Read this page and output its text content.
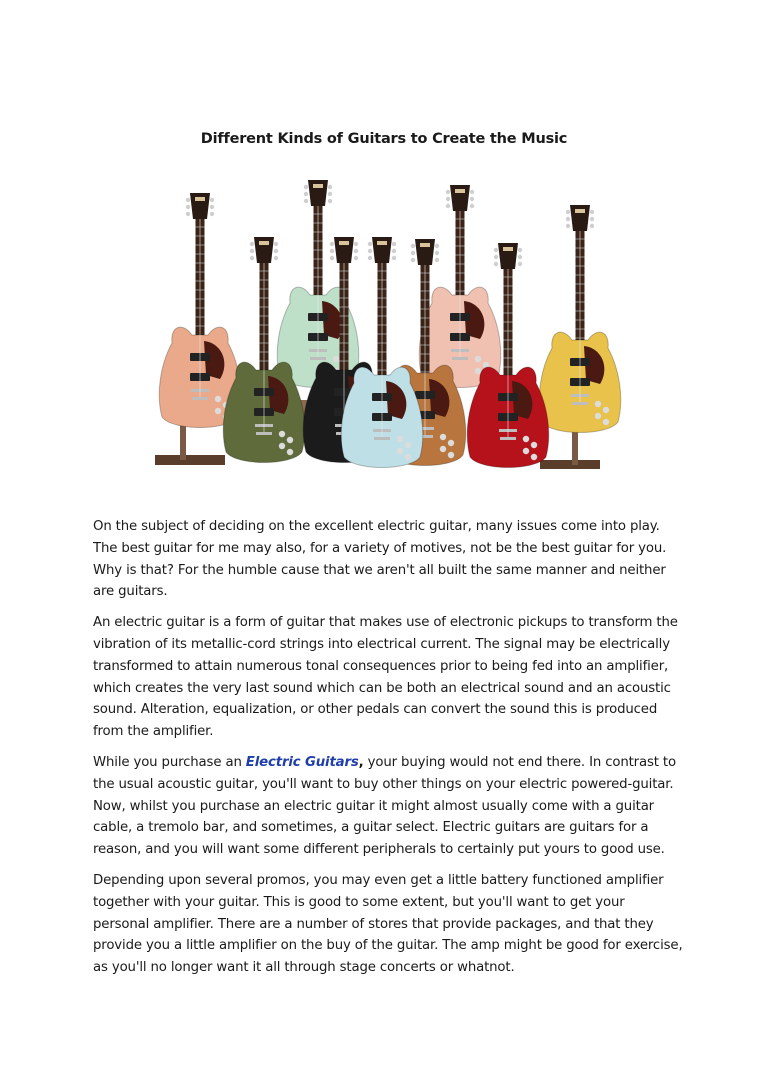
Different Kinds of Guitars to Create the Music

On the subject of deciding on the excellent electric guitar, many issues come into play. The best guitar for me may also, for a variety of motives, not be the best guitar for you. Why is that? For the humble cause that we aren't all built the same manner and neither are guitars.

An electric guitar is a form of guitar that makes use of electronic pickups to transform the vibration of its metallic-cord strings into electrical current. The signal may be electrically transformed to attain numerous tonal consequences prior to being fed into an amplifier, which creates the very last sound which can be both an electrical sound and an acoustic sound. Alteration, equalization, or other pedals can convert the sound this is produced from the amplifier.

While you purchase an Electric Guitars, your buying would not end there. In contrast to the usual acoustic guitar, you'll want to buy other things on your electric powered-guitar. Now, whilst you purchase an electric guitar it might almost usually come with a guitar cable, a tremolo bar, and sometimes, a guitar select. Electric guitars are guitars for a reason, and you will want some different peripherals to certainly put yours to good use.

Depending upon several promos, you may even get a little battery functioned amplifier together with your guitar. This is good to some extent, but you'll want to get your personal amplifier. There are a number of stores that provide packages, and that they provide you a little amplifier on the buy of the guitar. The amp might be good for exercise, as you'll no longer want it all through stage concerts or whatnot.
